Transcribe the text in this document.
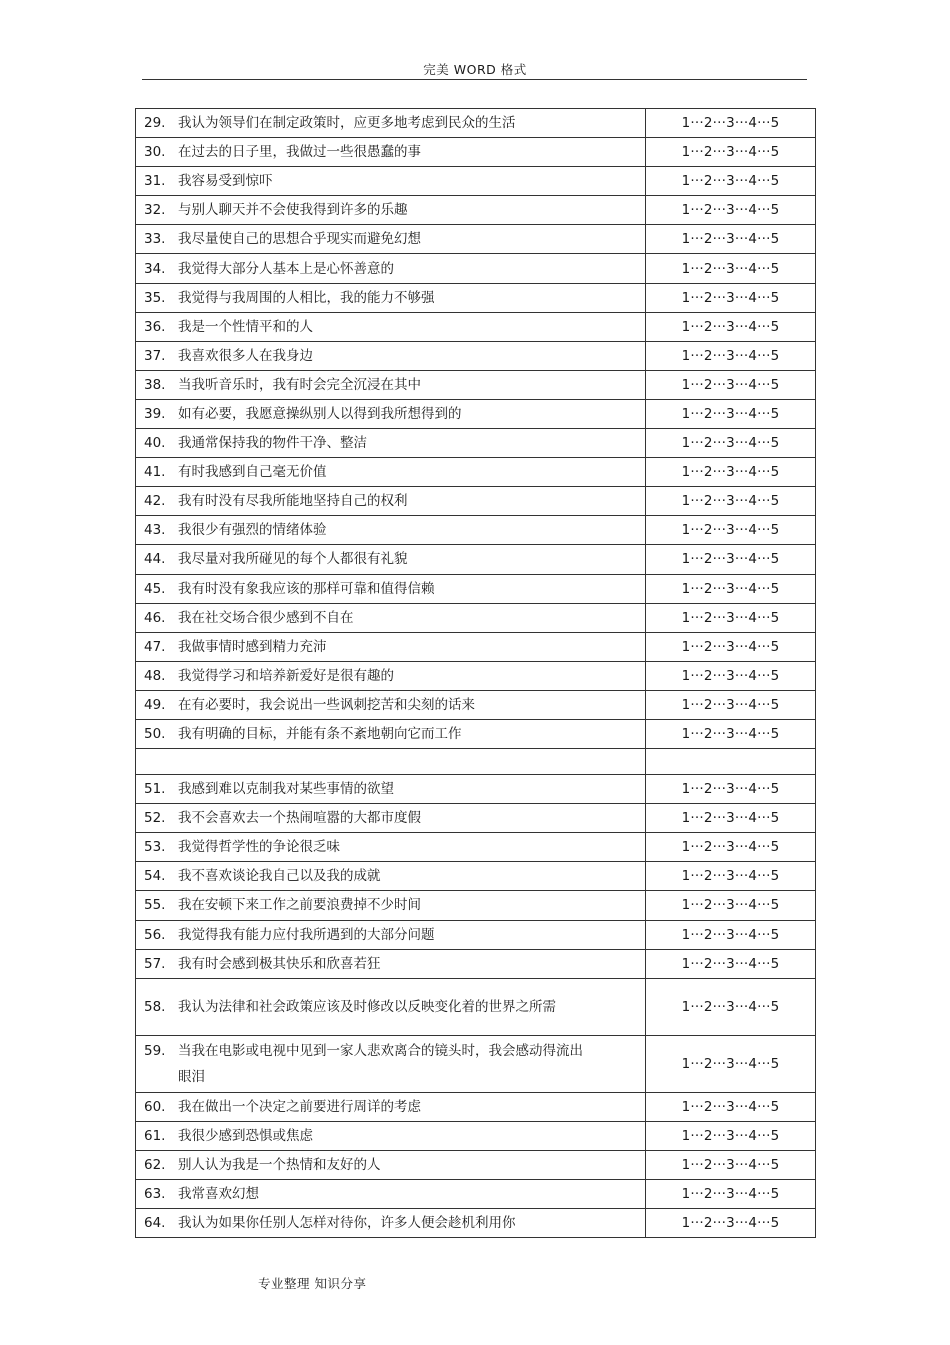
完美 WORD 格式
29. 我认为领导们在制定政策时，应更多地考虑到民众的生活	1···2···3···4···5

30. 在过去的日子里，我做过一些很愚蠢的事	1···2···3···4···5

31. 我容易受到惊吓	1···2···3···4···5

32. 与别人聊天并不会使我得到许多的乐趣	1···2···3···4···5

33. 我尽量使自己的思想合乎现实而避免幻想	1···2···3···4···5

34. 我觉得大部分人基本上是心怀善意的	1···2···3···4···5

35. 我觉得与我周围的人相比，我的能力不够强	1···2···3···4···5

36. 我是一个性情平和的人	1···2···3···4···5

37. 我喜欢很多人在我身边	1···2···3···4···5

38. 当我听音乐时，我有时会完全沉浸在其中	1···2···3···4···5

39. 如有必要，我愿意操纵别人以得到我所想得到的	1···2···3···4···5

40. 我通常保持我的物件干净、整洁	1···2···3···4···5

41. 有时我感到自己毫无价值	1···2···3···4···5

42. 我有时没有尽我所能地坚持自己的权利	1···2···3···4···5

43. 我很少有强烈的情绪体验	1···2···3···4···5

44. 我尽量对我所碰见的每个人都很有礼貌	1···2···3···4···5

45. 我有时没有象我应该的那样可靠和值得信赖	1···2···3···4···5

46. 我在社交场合很少感到不自在	1···2···3···4···5

47. 我做事情时感到精力充沛	1···2···3···4···5

48. 我觉得学习和培养新爱好是很有趣的	1···2···3···4···5

49. 在有必要时，我会说出一些讽刺挖苦和尖刻的话来	1···2···3···4···5

50. 我有明确的目标，并能有条不紊地朝向它而工作	1···2···3···4···5

51. 我感到难以克制我对某些事情的欲望	1···2···3···4···5

52. 我不会喜欢去一个热闹喧嚣的大都市度假	1···2···3···4···5

53. 我觉得哲学性的争论很乏味	1···2···3···4···5

54. 我不喜欢谈论我自己以及我的成就	1···2···3···4···5

55. 我在安顿下来工作之前要浪费掉不少时间	1···2···3···4···5

56. 我觉得我有能力应付我所遇到的大部分问题	1···2···3···4···5

57. 我有时会感到极其快乐和欣喜若狂	1···2···3···4···5

58. 我认为法律和社会政策应该及时修改以反映变化着的世界之所需	1···2···3···4···5

59. 当我在电影或电视中见到一家人悲欢离合的镜头时，我会感动得流出眼泪	1···2···3···4···5

60. 我在做出一个决定之前要进行周详的考虑	1···2···3···4···5

61. 我很少感到恐惧或焦虑	1···2···3···4···5

62. 别人认为我是一个热情和友好的人	1···2···3···4···5

63. 我常喜欢幻想	1···2···3···4···5

64. 我认为如果你任别人怎样对待你，许多人便会趁机利用你	1···2···3···4···5
专业整理 知识分享
